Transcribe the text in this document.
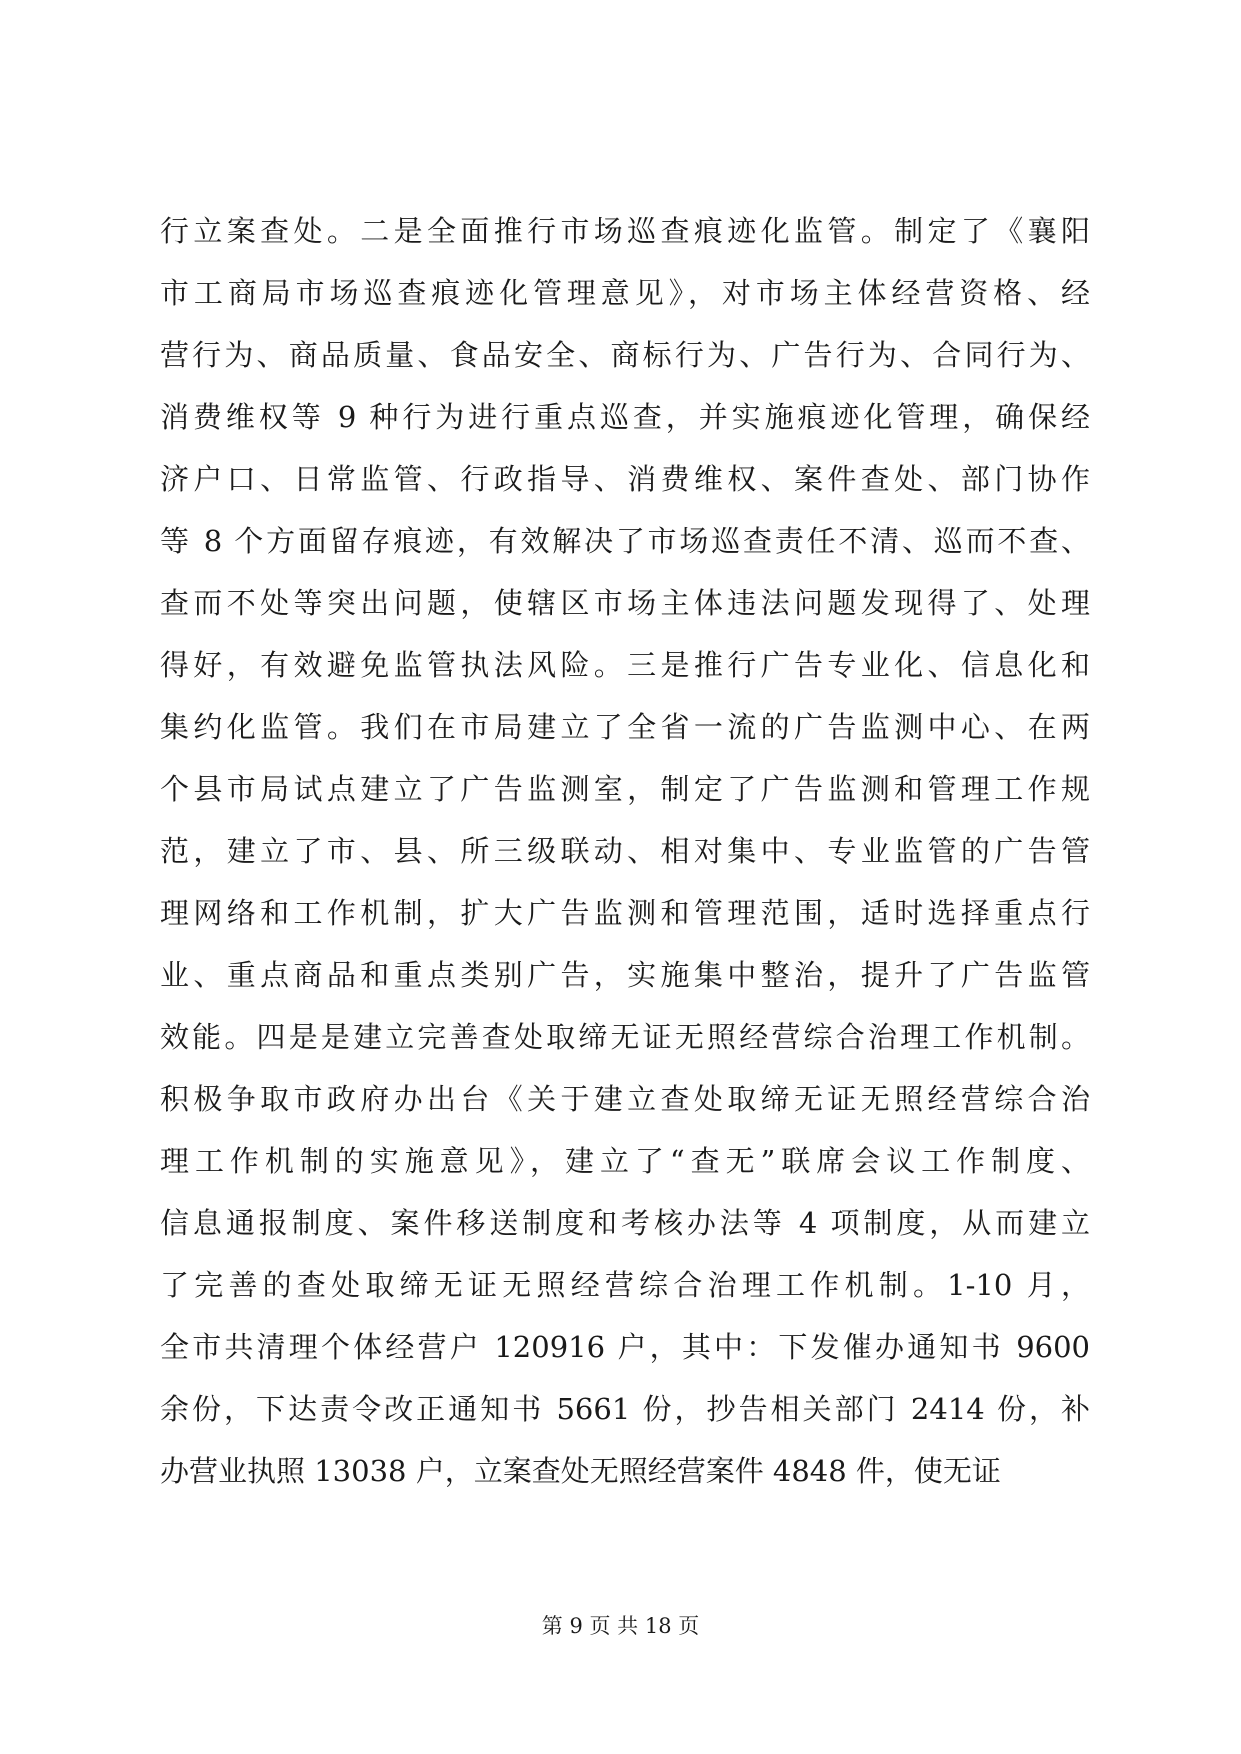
行立案查处。二是全面推行市场巡查痕迹化监管。制定了《襄阳
市工商局市场巡查痕迹化管理意见》，对市场主体经营资格、经
营行为、商品质量、食品安全、商标行为、广告行为、合同行为、
消费维权等 9 种行为进行重点巡查，并实施痕迹化管理，确保经
济户口、日常监管、行政指导、消费维权、案件查处、部门协作
等 8 个方面留存痕迹，有效解决了市场巡查责任不清、巡而不查、
查而不处等突出问题，使辖区市场主体违法问题发现得了、处理
得好，有效避免监管执法风险。三是推行广告专业化、信息化和
集约化监管。我们在市局建立了全省一流的广告监测中心、在两
个县市局试点建立了广告监测室，制定了广告监测和管理工作规
范，建立了市、县、所三级联动、相对集中、专业监管的广告管
理网络和工作机制，扩大广告监测和管理范围，适时选择重点行
业、重点商品和重点类别广告，实施集中整治，提升了广告监管
效能。四是是建立完善查处取缔无证无照经营综合治理工作机制。
积极争取市政府办出台《关于建立查处取缔无证无照经营综合治
理工作机制的实施意见》，建立了“查无”联席会议工作制度、
信息通报制度、案件移送制度和考核办法等 4 项制度，从而建立
了完善的查处取缔无证无照经营综合治理工作机制。1-10 月，
全市共清理个体经营户 120916 户，其中：下发催办通知书 9600
余份，下达责令改正通知书 5661 份，抄告相关部门 2414 份，补
办营业执照 13038 户，立案查处无照经营案件 4848 件，使无证
第 9 页 共 18 页
